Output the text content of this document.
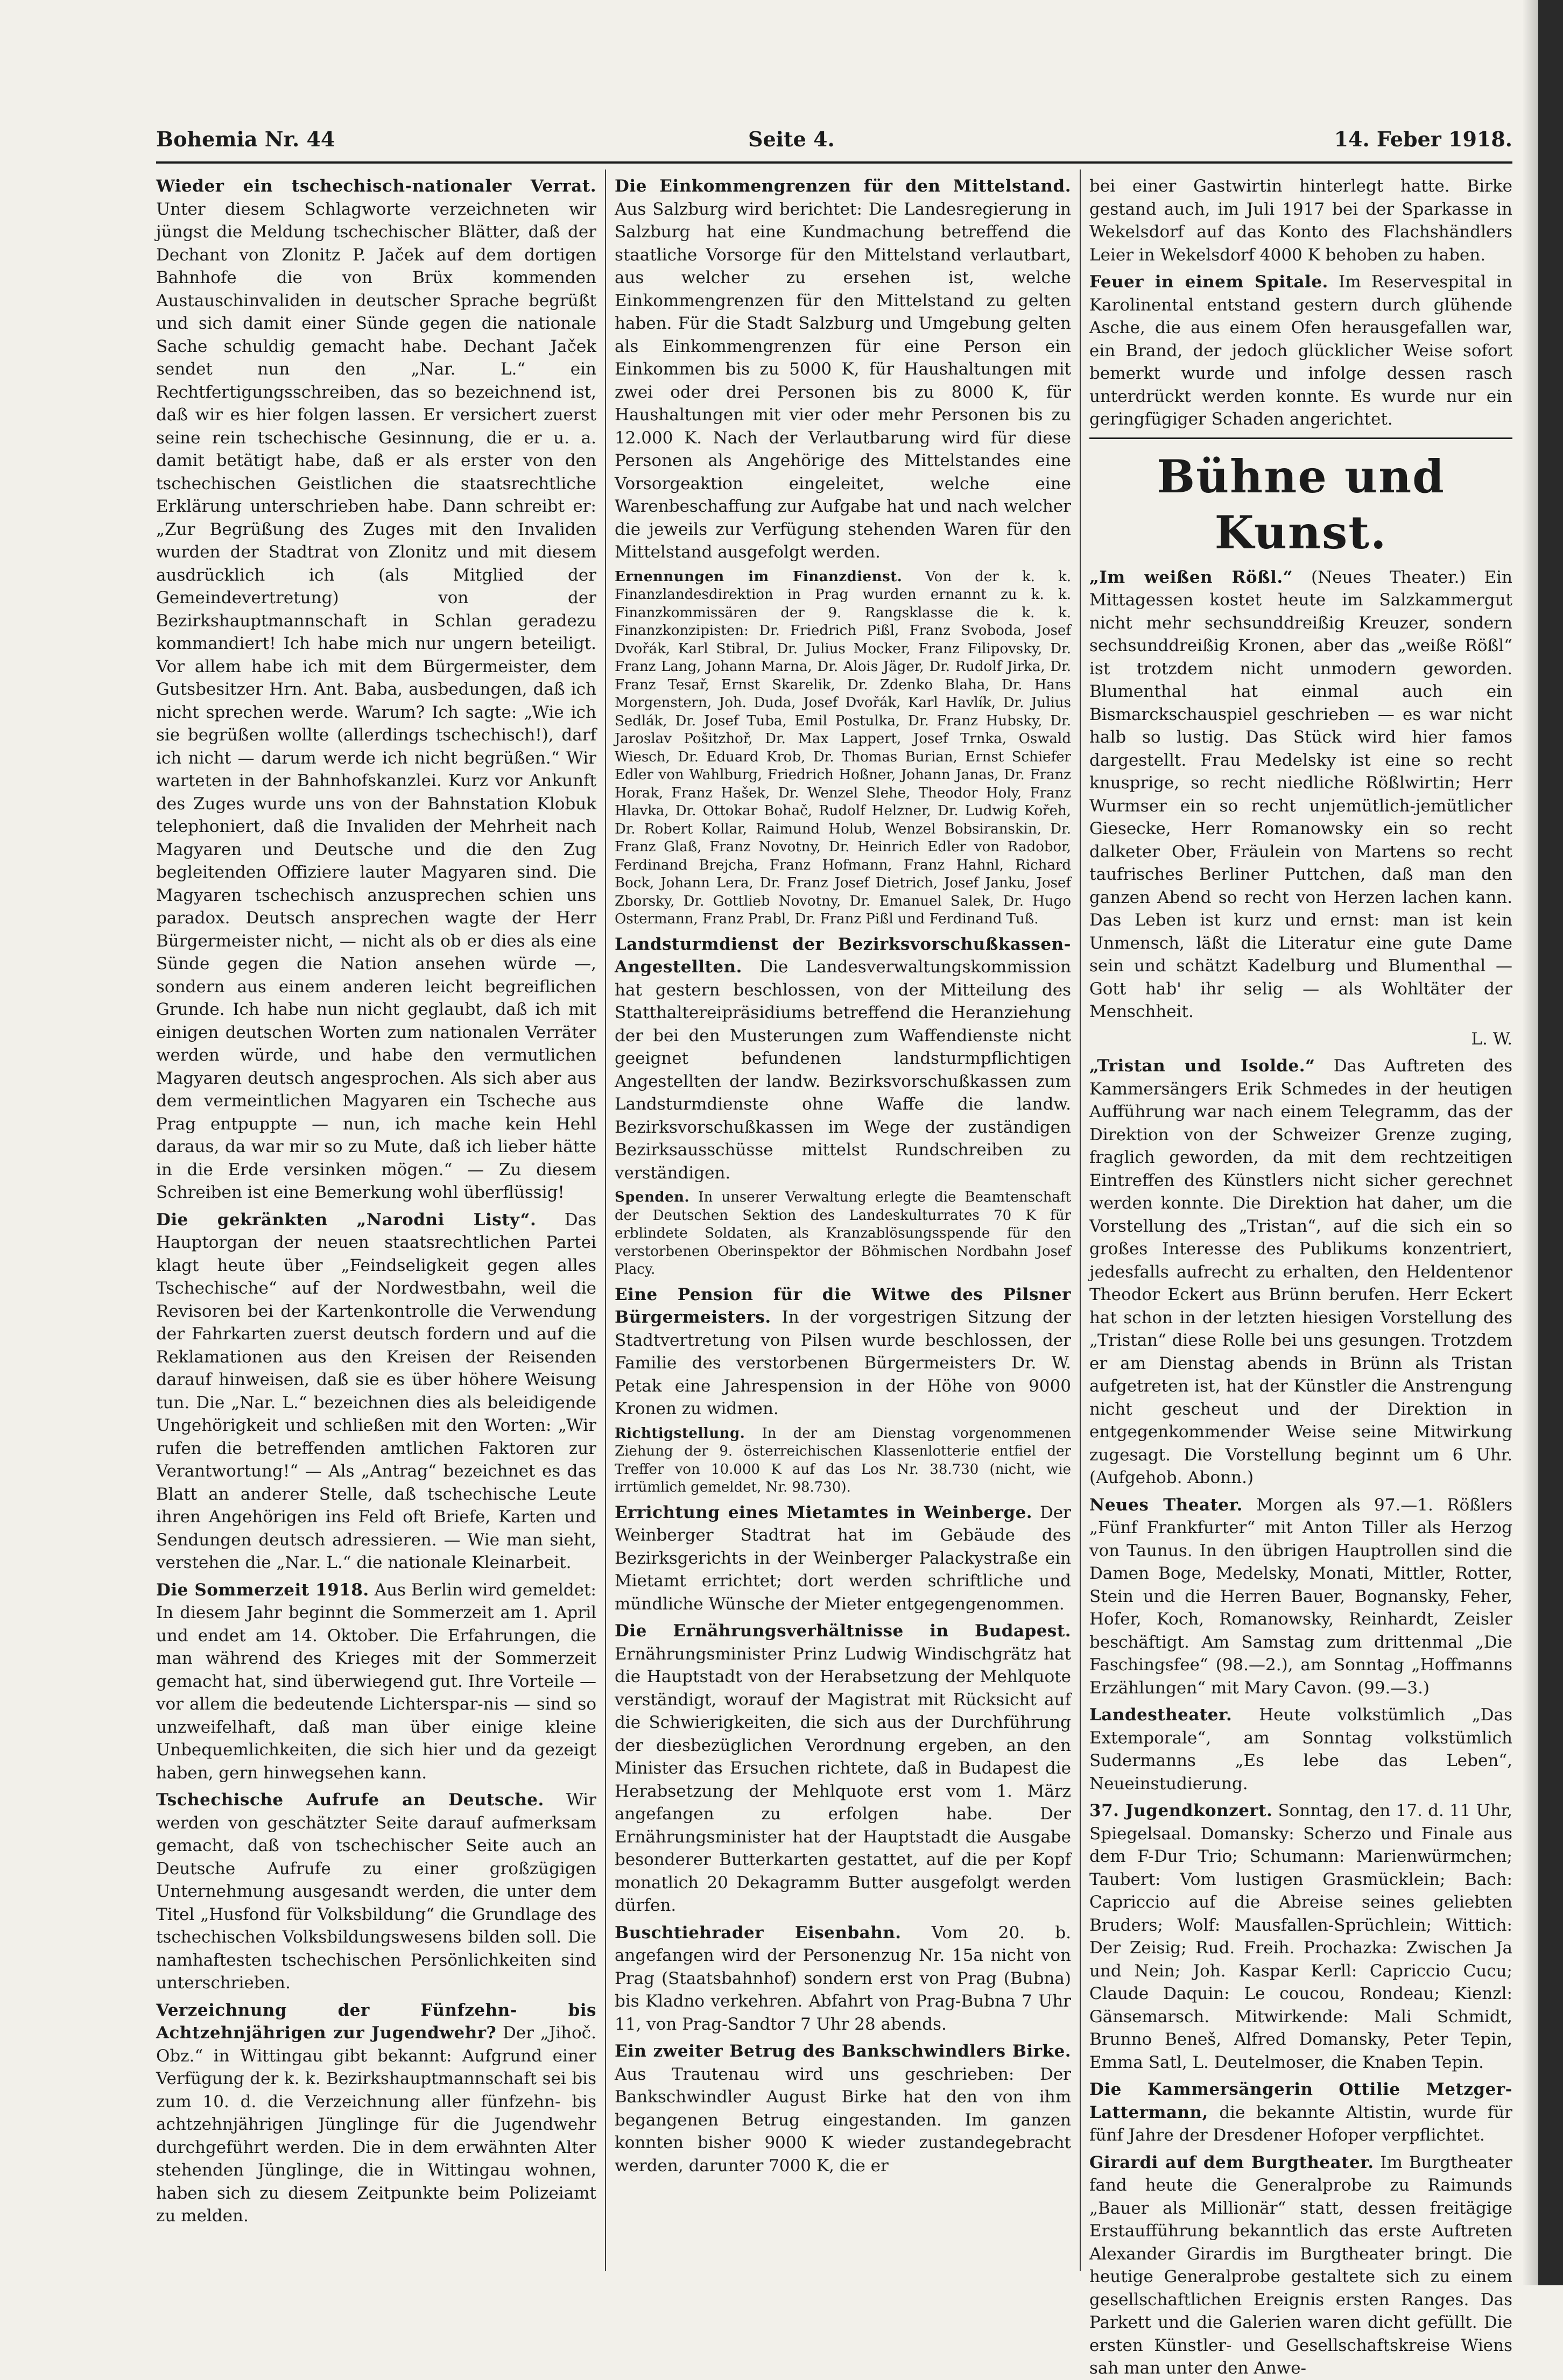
Bohemia Nr. 44	Seite 4.	14. Feber 1918.

Wieder ein tschechisch-nationaler Verrat. Unter diesem Schlagworte verzeichneten wir jüngst die Meldung tschechischer Blätter, daß der Dechant von Zlonitz P. Jaček auf dem dortigen Bahnhofe die von Brüx kommenden Austauschinvaliden in deutscher Sprache begrüßt und sich damit einer Sünde gegen die nationale Sache schuldig gemacht habe. Dechant Jaček sendet nun den „Nar. L.“ ein Rechtfertigungsschreiben, das so bezeichnend ist, daß wir es hier folgen lassen. Er versichert zuerst seine rein tschechische Gesinnung, die er u. a. damit betätigt habe, daß er als erster von den tschechischen Geistlichen die staatsrechtliche Erklärung unterschrieben habe. Dann schreibt er: „Zur Begrüßung des Zuges mit den Invaliden wurden der Stadtrat von Zlonitz und mit diesem ausdrücklich ich (als Mitglied der Gemeindevertretung) von der Bezirkshauptmannschaft in Schlan geradezu kommandiert! Ich habe mich nur ungern beteiligt. Vor allem habe ich mit dem Bürgermeister, dem Gutsbesitzer Hrn. Ant. Baba, ausbedungen, daß ich nicht sprechen werde. Warum? Ich sagte: „Wie ich sie begrüßen wollte (allerdings tschechisch!), darf ich nicht — darum werde ich nicht begrüßen.“ Wir warteten in der Bahnhofskanzlei. Kurz vor Ankunft des Zuges wurde uns von der Bahnstation Klobuk telephoniert, daß die Invaliden der Mehrheit nach Magyaren und Deutsche und die den Zug begleitenden Offiziere lauter Magyaren sind. Die Magyaren tschechisch anzusprechen schien uns paradox. Deutsch ansprechen wagte der Herr Bürgermeister nicht, — nicht als ob er dies als eine Sünde gegen die Nation ansehen würde —, sondern aus einem anderen leicht begreiflichen Grunde. Ich habe nun nicht geglaubt, daß ich mit einigen deutschen Worten zum nationalen Verräter werden würde, und habe den vermutlichen Magyaren deutsch angesprochen. Als sich aber aus dem vermeintlichen Magyaren ein Tscheche aus Prag entpuppte — nun, ich mache kein Hehl daraus, da war mir so zu Mute, daß ich lieber hätte in die Erde versinken mögen.“ — Zu diesem Schreiben ist eine Bemerkung wohl überflüssig!

Die gekränkten „Narodni Listy“. Das Hauptorgan der neuen staatsrechtlichen Partei klagt heute über „Feindseligkeit gegen alles Tschechische“ auf der Nordwestbahn, weil die Revisoren bei der Kartenkontrolle die Verwendung der Fahrkarten zuerst deutsch fordern und auf die Reklamationen aus den Kreisen der Reisenden darauf hinweisen, daß sie es über höhere Weisung tun. Die „Nar. L.“ bezeichnen dies als beleidigende Ungehörigkeit und schließen mit den Worten: „Wir rufen die betreffenden amtlichen Faktoren zur Verantwortung!“ — Als „Antrag“ bezeichnet es das Blatt an anderer Stelle, daß tschechische Leute ihren Angehörigen ins Feld oft Briefe, Karten und Sendungen deutsch adressieren. — Wie man sieht, verstehen die „Nar. L.“ die nationale Kleinarbeit.

Die Sommerzeit 1918. Aus Berlin wird gemeldet: In diesem Jahr beginnt die Sommerzeit am 1. April und endet am 14. Oktober. Die Erfahrungen, die man während des Krieges mit der Sommerzeit gemacht hat, sind überwiegend gut. Ihre Vorteile — vor allem die bedeutende Lichterspar-nis — sind so unzweifelhaft, daß man über einige kleine Unbequemlichkeiten, die sich hier und da gezeigt haben, gern hinwegsehen kann.

Tschechische Aufrufe an Deutsche. Wir werden von geschätzter Seite darauf aufmerksam gemacht, daß von tschechischer Seite auch an Deutsche Aufrufe zu einer großzügigen Unternehmung ausgesandt werden, die unter dem Titel „Husfond für Volksbildung“ die Grundlage des tschechischen Volksbildungswesens bilden soll. Die namhaftesten tschechischen Persönlichkeiten sind unterschrieben.

Verzeichnung der Fünfzehn- bis Achtzehnjährigen zur Jugendwehr? Der „Jihoč. Obz.“ in Wittingau gibt bekannt: Aufgrund einer Verfügung der k. k. Bezirkshauptmannschaft sei bis zum 10. d. die Verzeichnung aller fünfzehn- bis achtzehnjährigen Jünglinge für die Jugendwehr durchgeführt werden. Die in dem erwähnten Alter stehenden Jünglinge, die in Wittingau wohnen, haben sich zu diesem Zeitpunkte beim Polizeiamt zu melden.

Die Einkommengrenzen für den Mittelstand. Aus Salzburg wird berichtet: Die Landesregierung in Salzburg hat eine Kundmachung betreffend die staatliche Vorsorge für den Mittelstand verlautbart, aus welcher zu ersehen ist, welche Einkommengrenzen für den Mittelstand zu gelten haben. Für die Stadt Salzburg und Umgebung gelten als Einkommengrenzen für eine Person ein Einkommen bis zu 5000 K, für Haushaltungen mit zwei oder drei Personen bis zu 8000 K, für Haushaltungen mit vier oder mehr Personen bis zu 12.000 K. Nach der Verlautbarung wird für diese Personen als Angehörige des Mittelstandes eine Vorsorgeaktion eingeleitet, welche eine Warenbeschaffung zur Aufgabe hat und nach welcher die jeweils zur Verfügung stehenden Waren für den Mittelstand ausgefolgt werden.

Ernennungen im Finanzdienst. Von der k. k. Finanzlandesdirektion in Prag wurden ernannt zu k. k. Finanzkommissären der 9. Rangsklasse die k. k. Finanzkonzipisten: Dr. Friedrich Pißl, Franz Svoboda, Josef Dvořák, Karl Stibral, Dr. Julius Mocker, Franz Filipovsky, Dr. Franz Lang, Johann Marna, Dr. Alois Jäger, Dr. Rudolf Jirka, Dr. Franz Tesař, Ernst Skarelik, Dr. Zdenko Blaha, Dr. Hans Morgenstern, Joh. Duda, Josef Dvořák, Karl Havlík, Dr. Julius Sedlák, Dr. Josef Tuba, Emil Postulka, Dr. Franz Hubsky, Dr. Jaroslav Pošitzhoř, Dr. Max Lappert, Josef Trnka, Oswald Wiesch, Dr. Eduard Krob, Dr. Thomas Burian, Ernst Schiefer Edler von Wahlburg, Friedrich Hoßner, Johann Janas, Dr. Franz Horak, Franz Hašek, Dr. Wenzel Slehe, Theodor Holy, Franz Hlavka, Dr. Ottokar Bohač, Rudolf Helzner, Dr. Ludwig Kořeh, Dr. Robert Kollar, Raimund Holub, Wenzel Bobsiranskin, Dr. Franz Glaß, Franz Novotny, Dr. Heinrich Edler von Radobor, Ferdinand Brejcha, Franz Hofmann, Franz Hahnl, Richard Bock, Johann Lera, Dr. Franz Josef Dietrich, Josef Janku, Josef Zborsky, Dr. Gottlieb Novotny, Dr. Emanuel Salek, Dr. Hugo Ostermann, Franz Prabl, Dr. Franz Pißl und Ferdinand Tuß.

Landsturmdienst der Bezirksvorschußkassen-Angestellten. Die Landesverwaltungskommission hat gestern beschlossen, von der Mitteilung des Statthaltereipräsidiums betreffend die Heranziehung der bei den Musterungen zum Waffendienste nicht geeignet befundenen landsturmpflichtigen Angestellten der landw. Bezirksvorschußkassen zum Landsturmdienste ohne Waffe die landw. Bezirksvorschußkassen im Wege der zuständigen Bezirksausschüsse mittelst Rundschreiben zu verständigen.

Spenden. In unserer Verwaltung erlegte die Beamtenschaft der Deutschen Sektion des Landeskulturrates 70 K für erblindete Soldaten, als Kranzablösungsspende für den verstorbenen Oberinspektor der Böhmischen Nordbahn Josef Placy.

Eine Pension für die Witwe des Pilsner Bürgermeisters. In der vorgestrigen Sitzung der Stadtvertretung von Pilsen wurde beschlossen, der Familie des verstorbenen Bürgermeisters Dr. W. Petak eine Jahrespension in der Höhe von 9000 Kronen zu widmen.

Richtigstellung. In der am Dienstag vorgenommenen Ziehung der 9. österreichischen Klassenlotterie entfiel der Treffer von 10.000 K auf das Los Nr. 38.730 (nicht, wie irrtümlich gemeldet, Nr. 98.730).

Errichtung eines Mietamtes in Weinberge. Der Weinberger Stadtrat hat im Gebäude des Bezirksgerichts in der Weinberger Palackystraße ein Mietamt errichtet; dort werden schriftliche und mündliche Wünsche der Mieter entgegengenommen.

Die Ernährungsverhältnisse in Budapest. Ernährungsminister Prinz Ludwig Windischgrätz hat die Hauptstadt von der Herabsetzung der Mehlquote verständigt, worauf der Magistrat mit Rücksicht auf die Schwierigkeiten, die sich aus der Durchführung der diesbezüglichen Verordnung ergeben, an den Minister das Ersuchen richtete, daß in Budapest die Herabsetzung der Mehlquote erst vom 1. März angefangen zu erfolgen habe. Der Ernährungsminister hat der Hauptstadt die Ausgabe besonderer Butterkarten gestattet, auf die per Kopf monatlich 20 Dekagramm Butter ausgefolgt werden dürfen.

Buschtiehrader Eisenbahn. Vom 20. b. angefangen wird der Personenzug Nr. 15a nicht von Prag (Staatsbahnhof) sondern erst von Prag (Bubna) bis Kladno verkehren. Abfahrt von Prag-Bubna 7 Uhr 11, von Prag-Sandtor 7 Uhr 28 abends.

Ein zweiter Betrug des Bankschwindlers Birke. Aus Trautenau wird uns geschrieben: Der Bankschwindler August Birke hat den von ihm begangenen Betrug eingestanden. Im ganzen konnten bisher 9000 K wieder zustandegebracht werden, darunter 7000 K, die er

bei einer Gastwirtin hinterlegt hatte. Birke gestand auch, im Juli 1917 bei der Sparkasse in Wekelsdorf auf das Konto des Flachshändlers Leier in Wekelsdorf 4000 K behoben zu haben.

Feuer in einem Spitale. Im Reservespital in Karolinental entstand gestern durch glühende Asche, die aus einem Ofen herausgefallen war, ein Brand, der jedoch glücklicher Weise sofort bemerkt wurde und infolge dessen rasch unterdrückt werden konnte. Es wurde nur ein geringfügiger Schaden angerichtet.

Bühne und Kunst.

„Im weißen Rößl.“ (Neues Theater.) Ein Mittagessen kostet heute im Salzkammergut nicht mehr sechsunddreißig Kreuzer, sondern sechsunddreißig Kronen, aber das „weiße Rößl“ ist trotzdem nicht unmodern geworden. Blumenthal hat einmal auch ein Bismarckschauspiel geschrieben — es war nicht halb so lustig. Das Stück wird hier famos dargestellt. Frau Medelsky ist eine so recht knusprige, so recht niedliche Rößlwirtin; Herr Wurmser ein so recht unjemütlich-jemütlicher Giesecke, Herr Romanowsky ein so recht dalketer Ober, Fräulein von Martens so recht taufrisches Berliner Puttchen, daß man den ganzen Abend so recht von Herzen lachen kann. Das Leben ist kurz und ernst: man ist kein Unmensch, läßt die Literatur eine gute Dame sein und schätzt Kadelburg und Blumenthal — Gott hab' ihr selig — als Wohltäter der Menschheit.

L. W.

„Tristan und Isolde.“ Das Auftreten des Kammersängers Erik Schmedes in der heutigen Aufführung war nach einem Telegramm, das der Direktion von der Schweizer Grenze zuging, fraglich geworden, da mit dem rechtzeitigen Eintreffen des Künstlers nicht sicher gerechnet werden konnte. Die Direktion hat daher, um die Vorstellung des „Tristan“, auf die sich ein so großes Interesse des Publikums konzentriert, jedesfalls aufrecht zu erhalten, den Heldentenor Theodor Eckert aus Brünn berufen. Herr Eckert hat schon in der letzten hiesigen Vorstellung des „Tristan“ diese Rolle bei uns gesungen. Trotzdem er am Dienstag abends in Brünn als Tristan aufgetreten ist, hat der Künstler die Anstrengung nicht gescheut und der Direktion in entgegenkommender Weise seine Mitwirkung zugesagt. Die Vorstellung beginnt um 6 Uhr. (Aufgehob. Abonn.)

Neues Theater. Morgen als 97.—1. Rößlers „Fünf Frankfurter“ mit Anton Tiller als Herzog von Taunus. In den übrigen Hauptrollen sind die Damen Boge, Medelsky, Monati, Mittler, Rotter, Stein und die Herren Bauer, Bognansky, Feher, Hofer, Koch, Romanowsky, Reinhardt, Zeisler beschäftigt. Am Samstag zum drittenmal „Die Faschingsfee“ (98.—2.), am Sonntag „Hoffmanns Erzählungen“ mit Mary Cavon. (99.—3.)

Landestheater. Heute volkstümlich „Das Extemporale“, am Sonntag volkstümlich Sudermanns „Es lebe das Leben“, Neueinstudierung.

37. Jugendkonzert. Sonntag, den 17. d. 11 Uhr, Spiegelsaal. Domansky: Scherzo und Finale aus dem F-Dur Trio; Schumann: Marienwürmchen; Taubert: Vom lustigen Grasmücklein; Bach: Capriccio auf die Abreise seines geliebten Bruders; Wolf: Mausfallen-Sprüchlein; Wittich: Der Zeisig; Rud. Freih. Prochazka: Zwischen Ja und Nein; Joh. Kaspar Kerll: Capriccio Cucu; Claude Daquin: Le coucou, Rondeau; Kienzl: Gänsemarsch. Mitwirkende: Mali Schmidt, Brunno Beneš, Alfred Domansky, Peter Tepin, Emma Satl, L. Deutelmoser, die Knaben Tepin.

Die Kammersängerin Ottilie Metzger-Lattermann, die bekannte Altistin, wurde für fünf Jahre der Dresdener Hofoper verpflichtet.

Girardi auf dem Burgtheater. Im Burgtheater fand heute die Generalprobe zu Raimunds „Bauer als Millionär“ statt, dessen freitägige Erstaufführung bekanntlich das erste Auftreten Alexander Girardis im Burgtheater bringt. Die heutige Generalprobe gestaltete sich zu einem gesellschaftlichen Ereignis ersten Ranges. Das Parkett und die Galerien waren dicht gefüllt. Die ersten Künstler- und Gesellschaftskreise Wiens sah man unter den Anwe-
